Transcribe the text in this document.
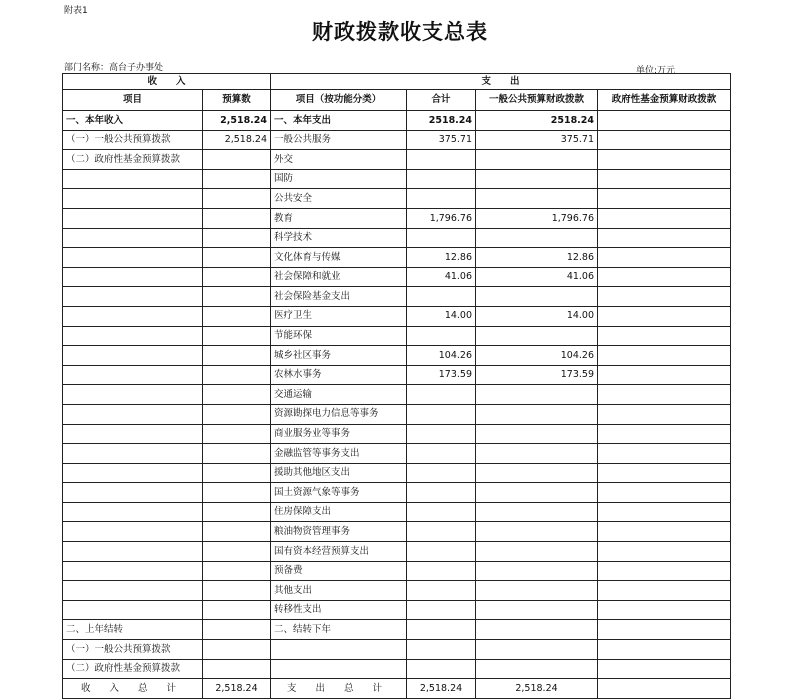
附表1
财政拨款收支总表
部门名称：高台子办事处	单位:万元
收　　入		支　　出			
项目	预算数	项目（按功能分类）	合计	一般公共预算财政拨款	政府性基金预算财政拨款
一、本年收入	2,518.24	一、本年支出	2518.24	2518.24	
（一）一般公共预算拨款	2,518.24	一般公共服务	375.71	375.71	
（二）政府性基金预算拨款		外交			
		国防			
		公共安全			
		教育	1,796.76	1,796.76	
		科学技术			
		文化体育与传媒	12.86	12.86	
		社会保障和就业	41.06	41.06	
		社会保险基金支出			
		医疗卫生	14.00	14.00	
		节能环保			
		城乡社区事务	104.26	104.26	
		农林水事务	173.59	173.59	
		交通运输			
		资源勘探电力信息等事务			
		商业服务业等事务			
		金融监管等事务支出			
		援助其他地区支出			
		国土资源气象等事务			
		住房保障支出			
		粮油物资管理事务			
		国有资本经营预算支出			
		预备费			
		其他支出			
		转移性支出			
二、上年结转		二、结转下年			
（一）一般公共预算拨款					
（二）政府性基金预算拨款					
收 入 总 计	2,518.24	支 出 总 计	2,518.24	2,518.24	
